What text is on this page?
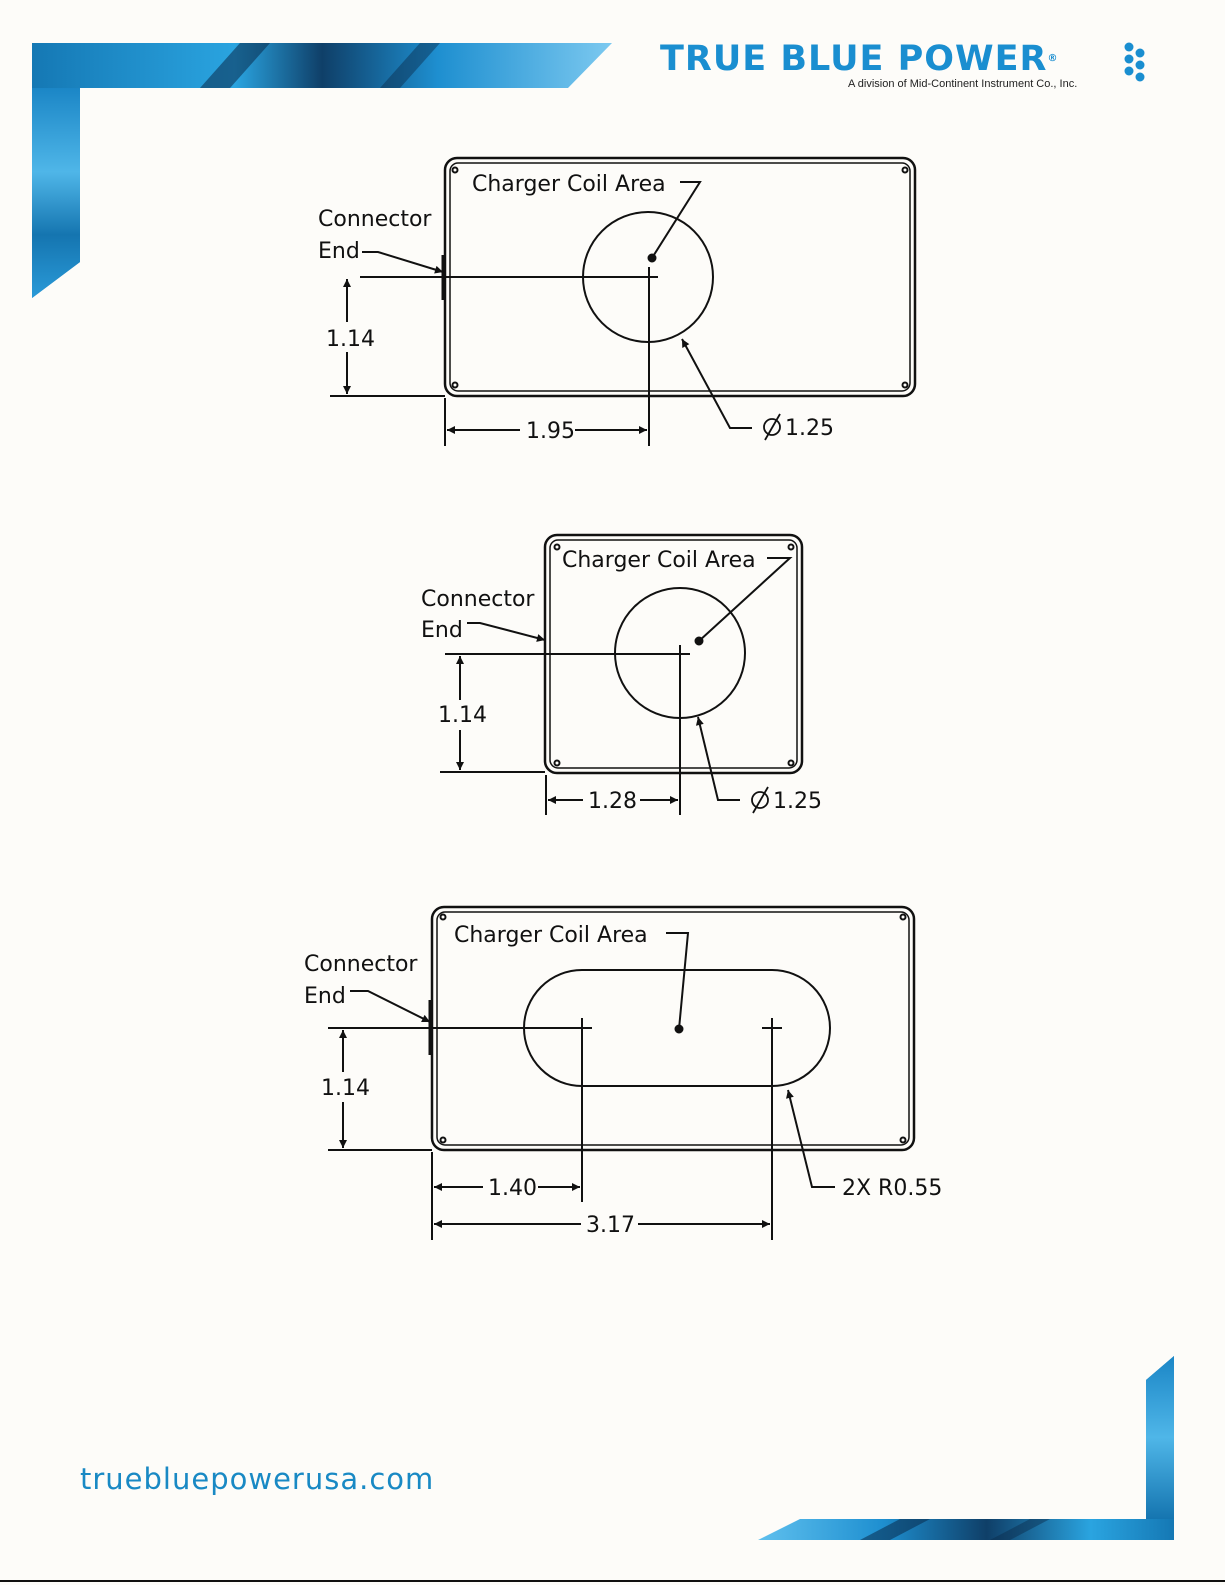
TRUE BLUE POWER®
A division of Mid-Continent Instrument Co., Inc.
Charger Coil Area
Connector
End
1.14
1.95	1.25
Charger Coil Area
Connector
End
1.14
1.28	1.25
Charger Coil Area
Connector
End
1.14
1.40
3.17
2X R0.55
truebluepowerusa.com
